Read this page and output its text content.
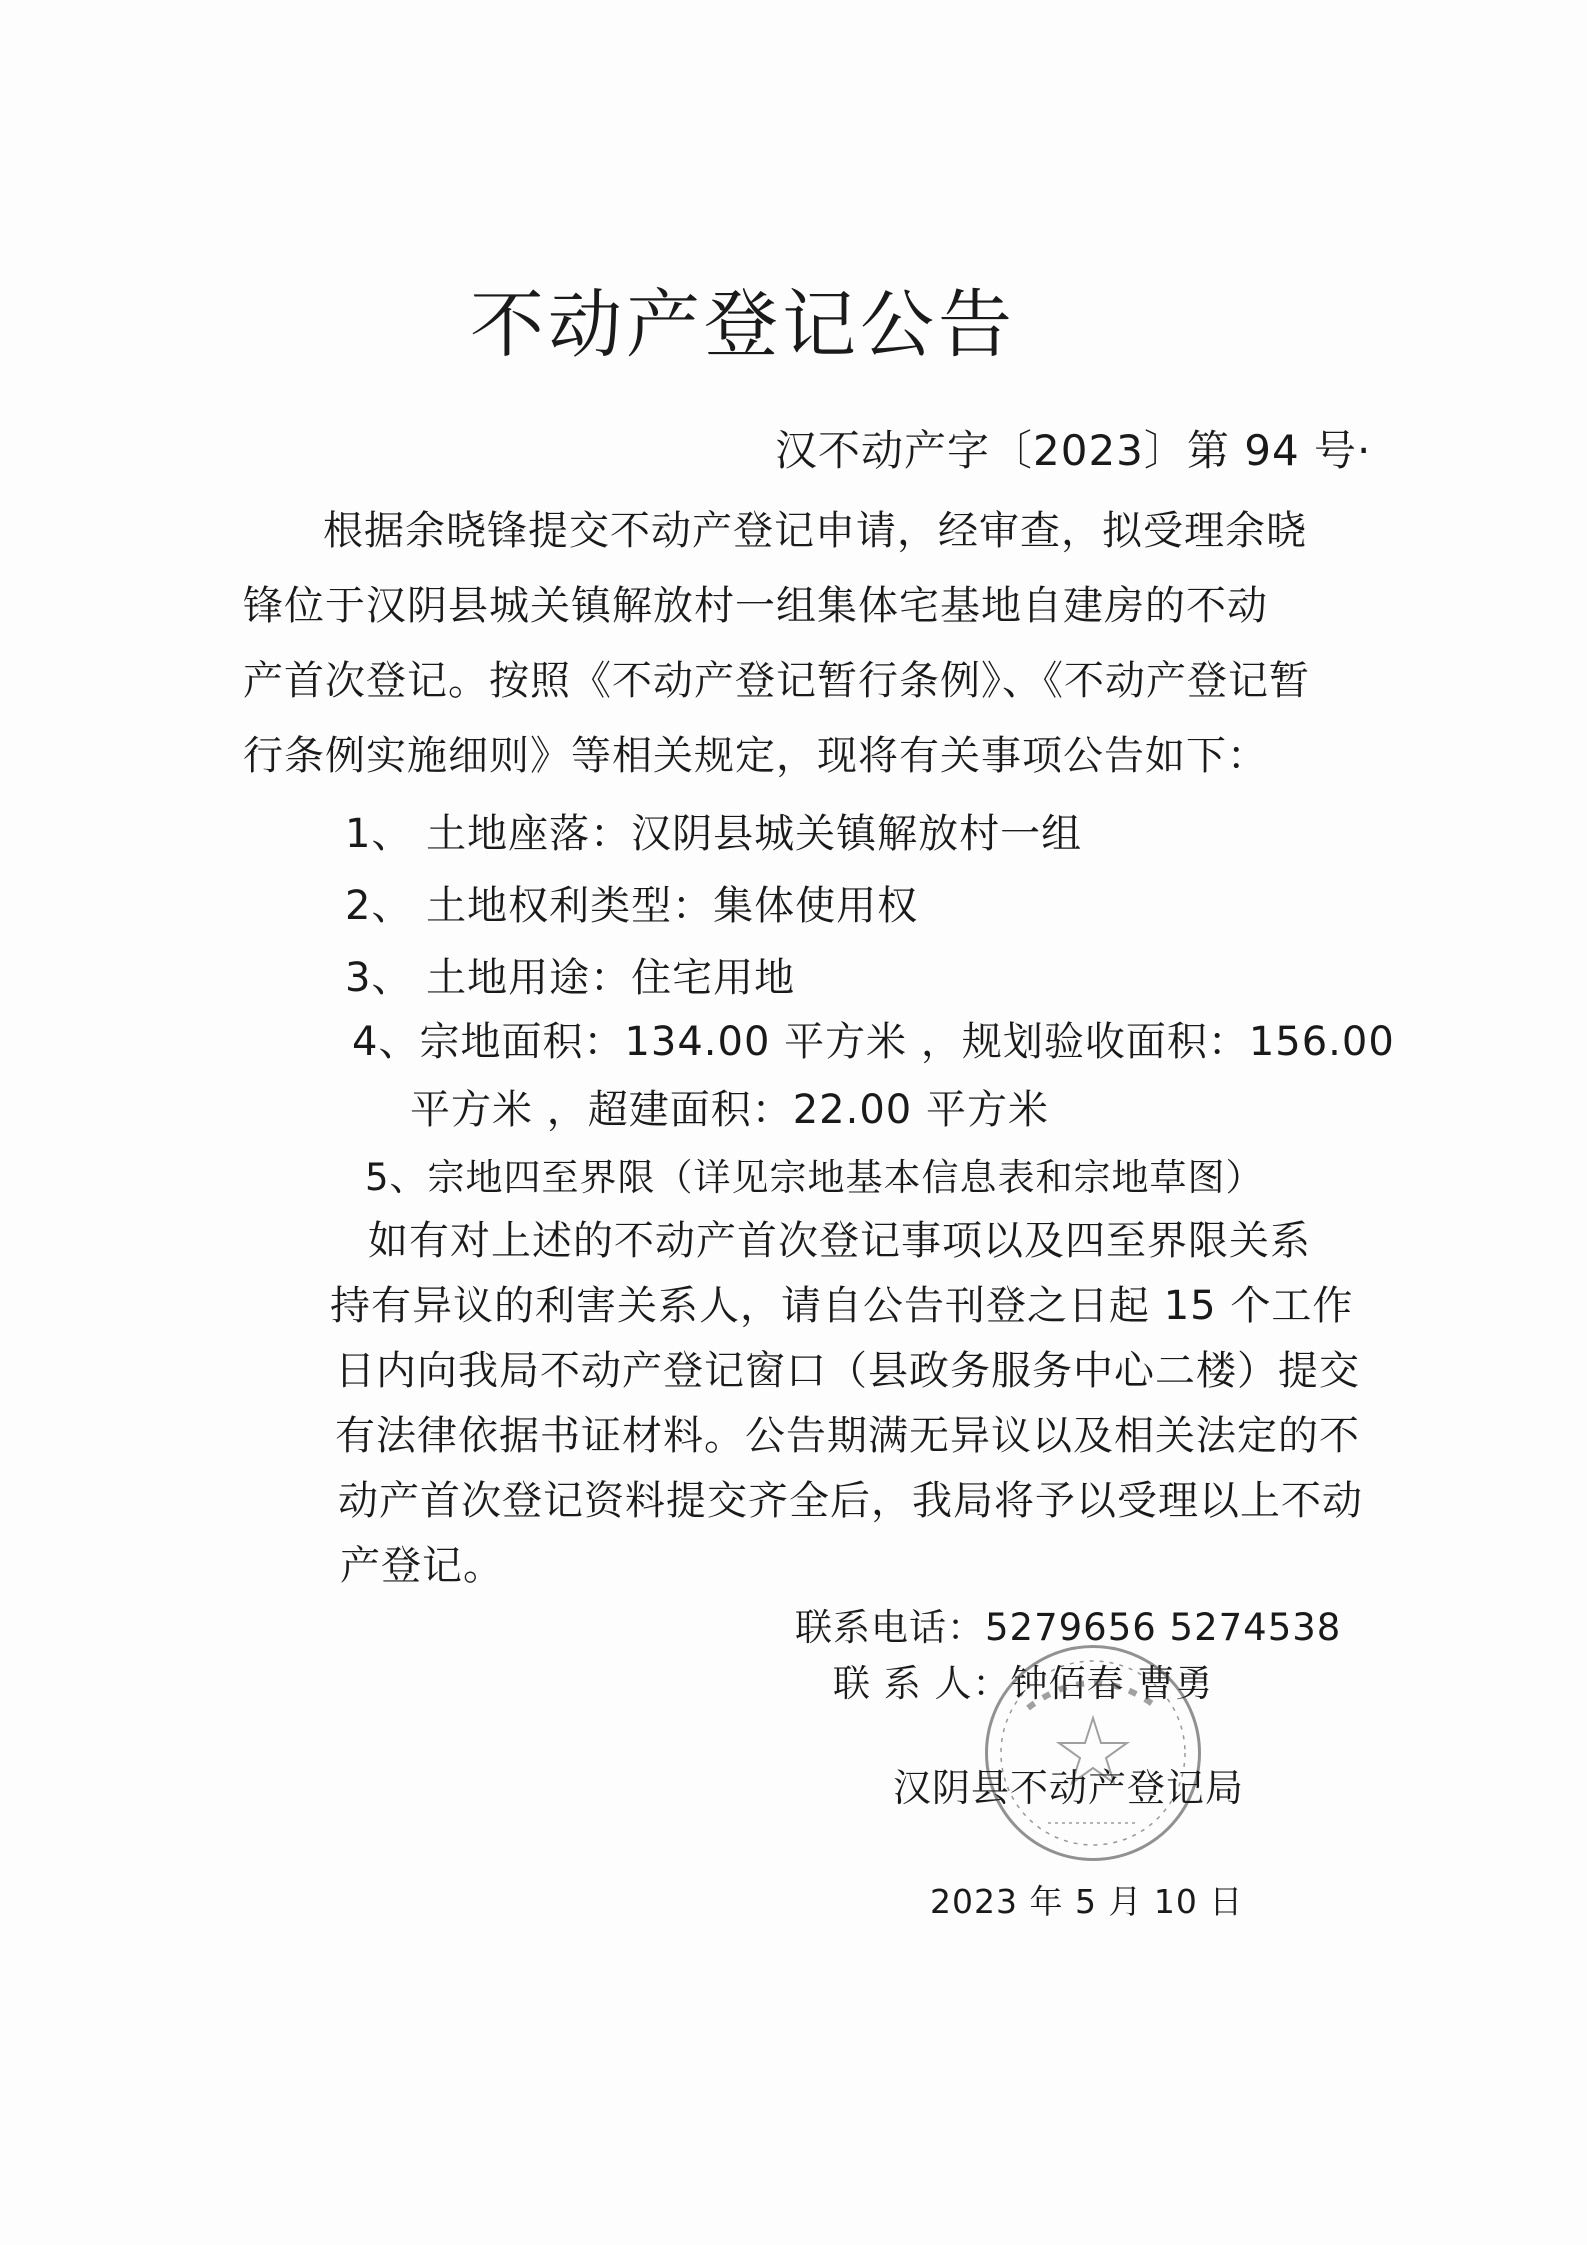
不动产登记公告
汉不动产字〔2023〕第 94 号·
根据余晓锋提交不动产登记申请，经审查，拟受理余晓
锋位于汉阴县城关镇解放村一组集体宅基地自建房的不动
产首次登记。按照《不动产登记暂行条例》、《不动产登记暂
行条例实施细则》等相关规定，现将有关事项公告如下：
1、 土地座落：汉阴县城关镇解放村一组
2、 土地权利类型：集体使用权
3、 土地用途：住宅用地
4、宗地面积：134.00 平方米 ，规划验收面积：156.00
平方米 ，超建面积：22.00 平方米
5、宗地四至界限（详见宗地基本信息表和宗地草图）
如有对上述的不动产首次登记事项以及四至界限关系
持有异议的利害关系人，请自公告刊登之日起 15 个工作
日内向我局不动产登记窗口（县政务服务中心二楼）提交
有法律依据书证材料。公告期满无异议以及相关法定的不
动产首次登记资料提交齐全后，我局将予以受理以上不动
产登记。
联系电话：5279656 5274538
联 系 人：钟佰春 曹勇
汉阴县不动产登记局
2023 年 5 月 10 日
